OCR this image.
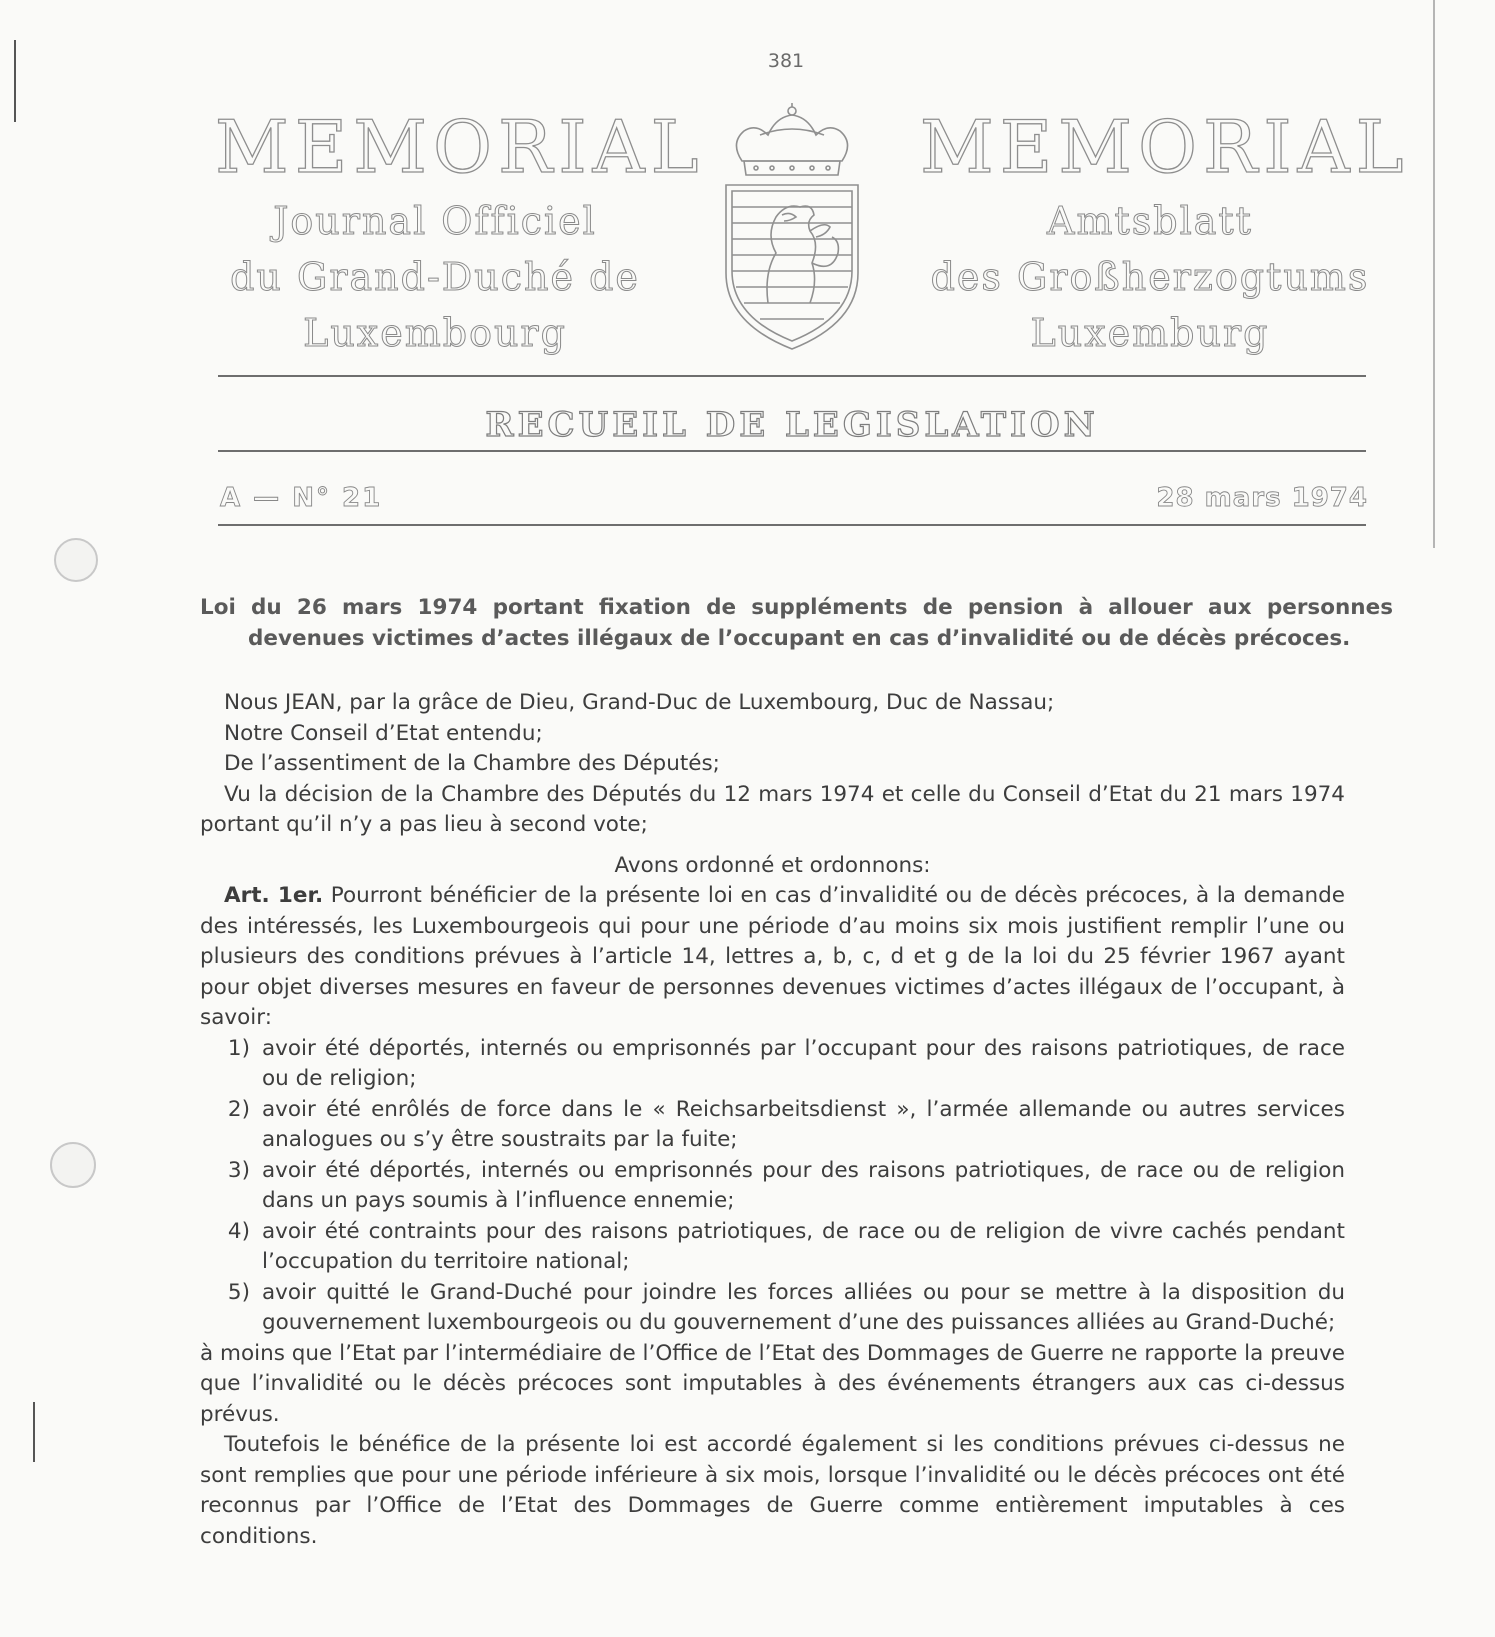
381
MEMORIAL	MEMORIAL
Journal Officiel
du Grand-Duché de
Luxembourg
Amtsblatt
des Großherzogtums
Luxemburg
RECUEIL DE LEGISLATION
A — N° 21	28 mars 1974
Loi du 26 mars 1974 portant fixation de suppléments de pension à allouer aux personnes devenues victimes d’actes illégaux de l’occupant en cas d’invalidité ou de décès précoces.

Nous JEAN, par la grâce de Dieu, Grand-Duc de Luxembourg, Duc de Nassau;

Notre Conseil d’Etat entendu;

De l’assentiment de la Chambre des Députés;

Vu la décision de la Chambre des Députés du 12 mars 1974 et celle du Conseil d’Etat du 21 mars 1974 portant qu’il n’y a pas lieu à second vote;

Avons ordonné et ordonnons:

Art. 1er. Pourront bénéficier de la présente loi en cas d’invalidité ou de décès précoces, à la demande des intéressés, les Luxembourgeois qui pour une période d’au moins six mois justifient remplir l’une ou plusieurs des conditions prévues à l’article 14, lettres a, b, c, d et g de la loi du 25 février 1967 ayant pour objet diverses mesures en faveur de personnes devenues victimes d’actes illégaux de l’occupant, à savoir:

1) avoir été déportés, internés ou emprisonnés par l’occupant pour des raisons patriotiques, de race ou de religion;
2) avoir été enrôlés de force dans le « Reichsarbeitsdienst », l’armée allemande ou autres services analogues ou s’y être soustraits par la fuite;
3) avoir été déportés, internés ou emprisonnés pour des raisons patriotiques, de race ou de religion dans un pays soumis à l’influence ennemie;
4) avoir été contraints pour des raisons patriotiques, de race ou de religion de vivre cachés pendant l’occupation du territoire national;
5) avoir quitté le Grand-Duché pour joindre les forces alliées ou pour se mettre à la disposition du gouvernement luxembourgeois ou du gouvernement d’une des puissances alliées au Grand-Duché;

à moins que l’Etat par l’intermédiaire de l’Office de l’Etat des Dommages de Guerre ne rapporte la preuve que l’invalidité ou le décès précoces sont imputables à des événements étrangers aux cas ci-dessus prévus.

Toutefois le bénéfice de la présente loi est accordé également si les conditions prévues ci-dessus ne sont remplies que pour une période inférieure à six mois, lorsque l’invalidité ou le décès précoces ont été reconnus par l’Office de l’Etat des Dommages de Guerre comme entièrement imputables à ces conditions.
